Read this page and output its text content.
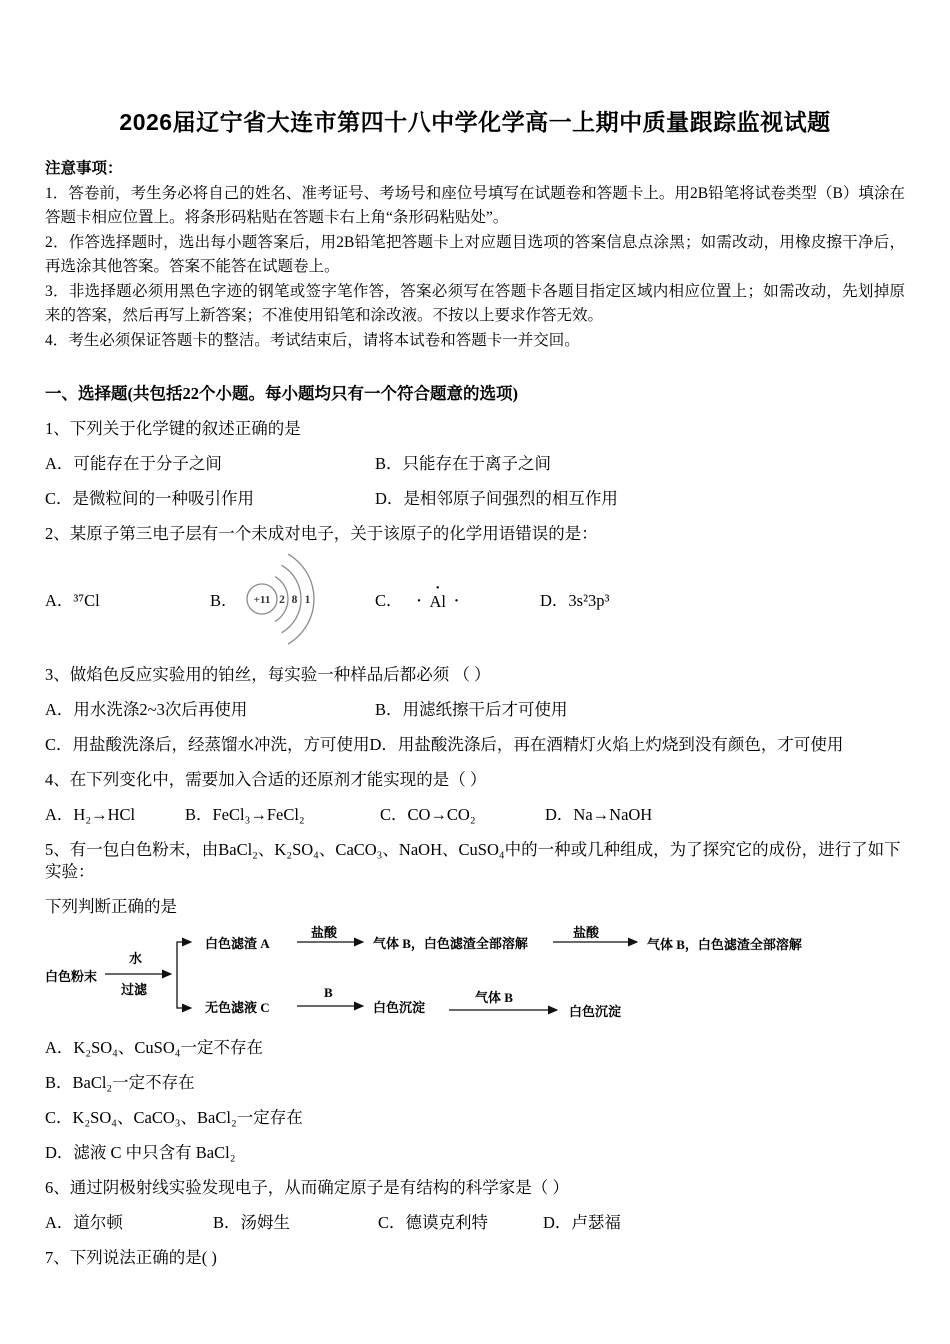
2026届辽宁省大连市第四十八中学化学高一上期中质量跟踪监视试题

注意事项：

1．答卷前，考生务必将自己的姓名、准考证号、考场号和座位号填写在试题卷和答题卡上。用2B铅笔将试卷类型（B）填涂在答题卡相应位置上。将条形码粘贴在答题卡右上角“条形码粘贴处”。

2．作答选择题时，选出每小题答案后，用2B铅笔把答题卡上对应题目选项的答案信息点涂黑；如需改动，用橡皮擦干净后，再选涂其他答案。答案不能答在试题卷上。

3．非选择题必须用黑色字迹的钢笔或签字笔作答，答案必须写在答题卡各题目指定区域内相应位置上；如需改动，先划掉原来的答案，然后再写上新答案；不准使用铅笔和涂改液。不按以上要求作答无效。

4．考生必须保证答题卡的整洁。考试结束后，请将本试卷和答题卡一并交回。

一、选择题(共包括22个小题。每小题均只有一个符合题意的选项)

1、下列关于化学键的叙述正确的是

A．可能存在于分子之间	B．只能存在于离子之间
C．是微粒间的一种吸引作用	D．是相邻原子间强烈的相互作用

2、某原子第三电子层有一个未成对电子，关于该原子的化学用语错误的是：

A．³⁷Cl	B． +11 2 8 1	C．
·
· Al ·	D．3s²3p³

3、做焰色反应实验用的铂丝，每实验一种样品后都必须 （ ）

A．用水洗涤2~3次后再使用	B．用滤纸擦干后才可使用
C．用盐酸洗涤后，经蒸馏水冲洗，方可使用D．用盐酸洗涤后，再在酒精灯火焰上灼烧到没有颜色，才可使用

4、在下列变化中，需要加入合适的还原剂才能实现的是（ ）

A．H₂→HCl	B．FeCl₃→FeCl₂	C．CO→CO₂	D．Na→NaOH

5、有一包白色粉末，由BaCl₂、K₂SO₄、CaCO₃、NaOH、CuSO₄中的一种或几种组成，为了探究它的成份，进行了如下实验：

下列判断正确的是

白色粉末
水
过滤
白色滤渣 A
盐酸
气体 B，白色滤渣全部溶解
盐酸
气体 B，白色滤渣全部溶解
无色滤液 C
B
白色沉淀
气体 B
白色沉淀

A．K₂SO₄、CuSO₄一定不存在

B．BaCl₂一定不存在

C．K₂SO₄、CaCO₃、BaCl₂一定存在

D．滤液 C 中只含有 BaCl₂

6、通过阴极射线实验发现电子，从而确定原子是有结构的科学家是（ ）

A．道尔顿	B．汤姆生	C．德谟克利特	D．卢瑟福

7、下列说法正确的是( )
